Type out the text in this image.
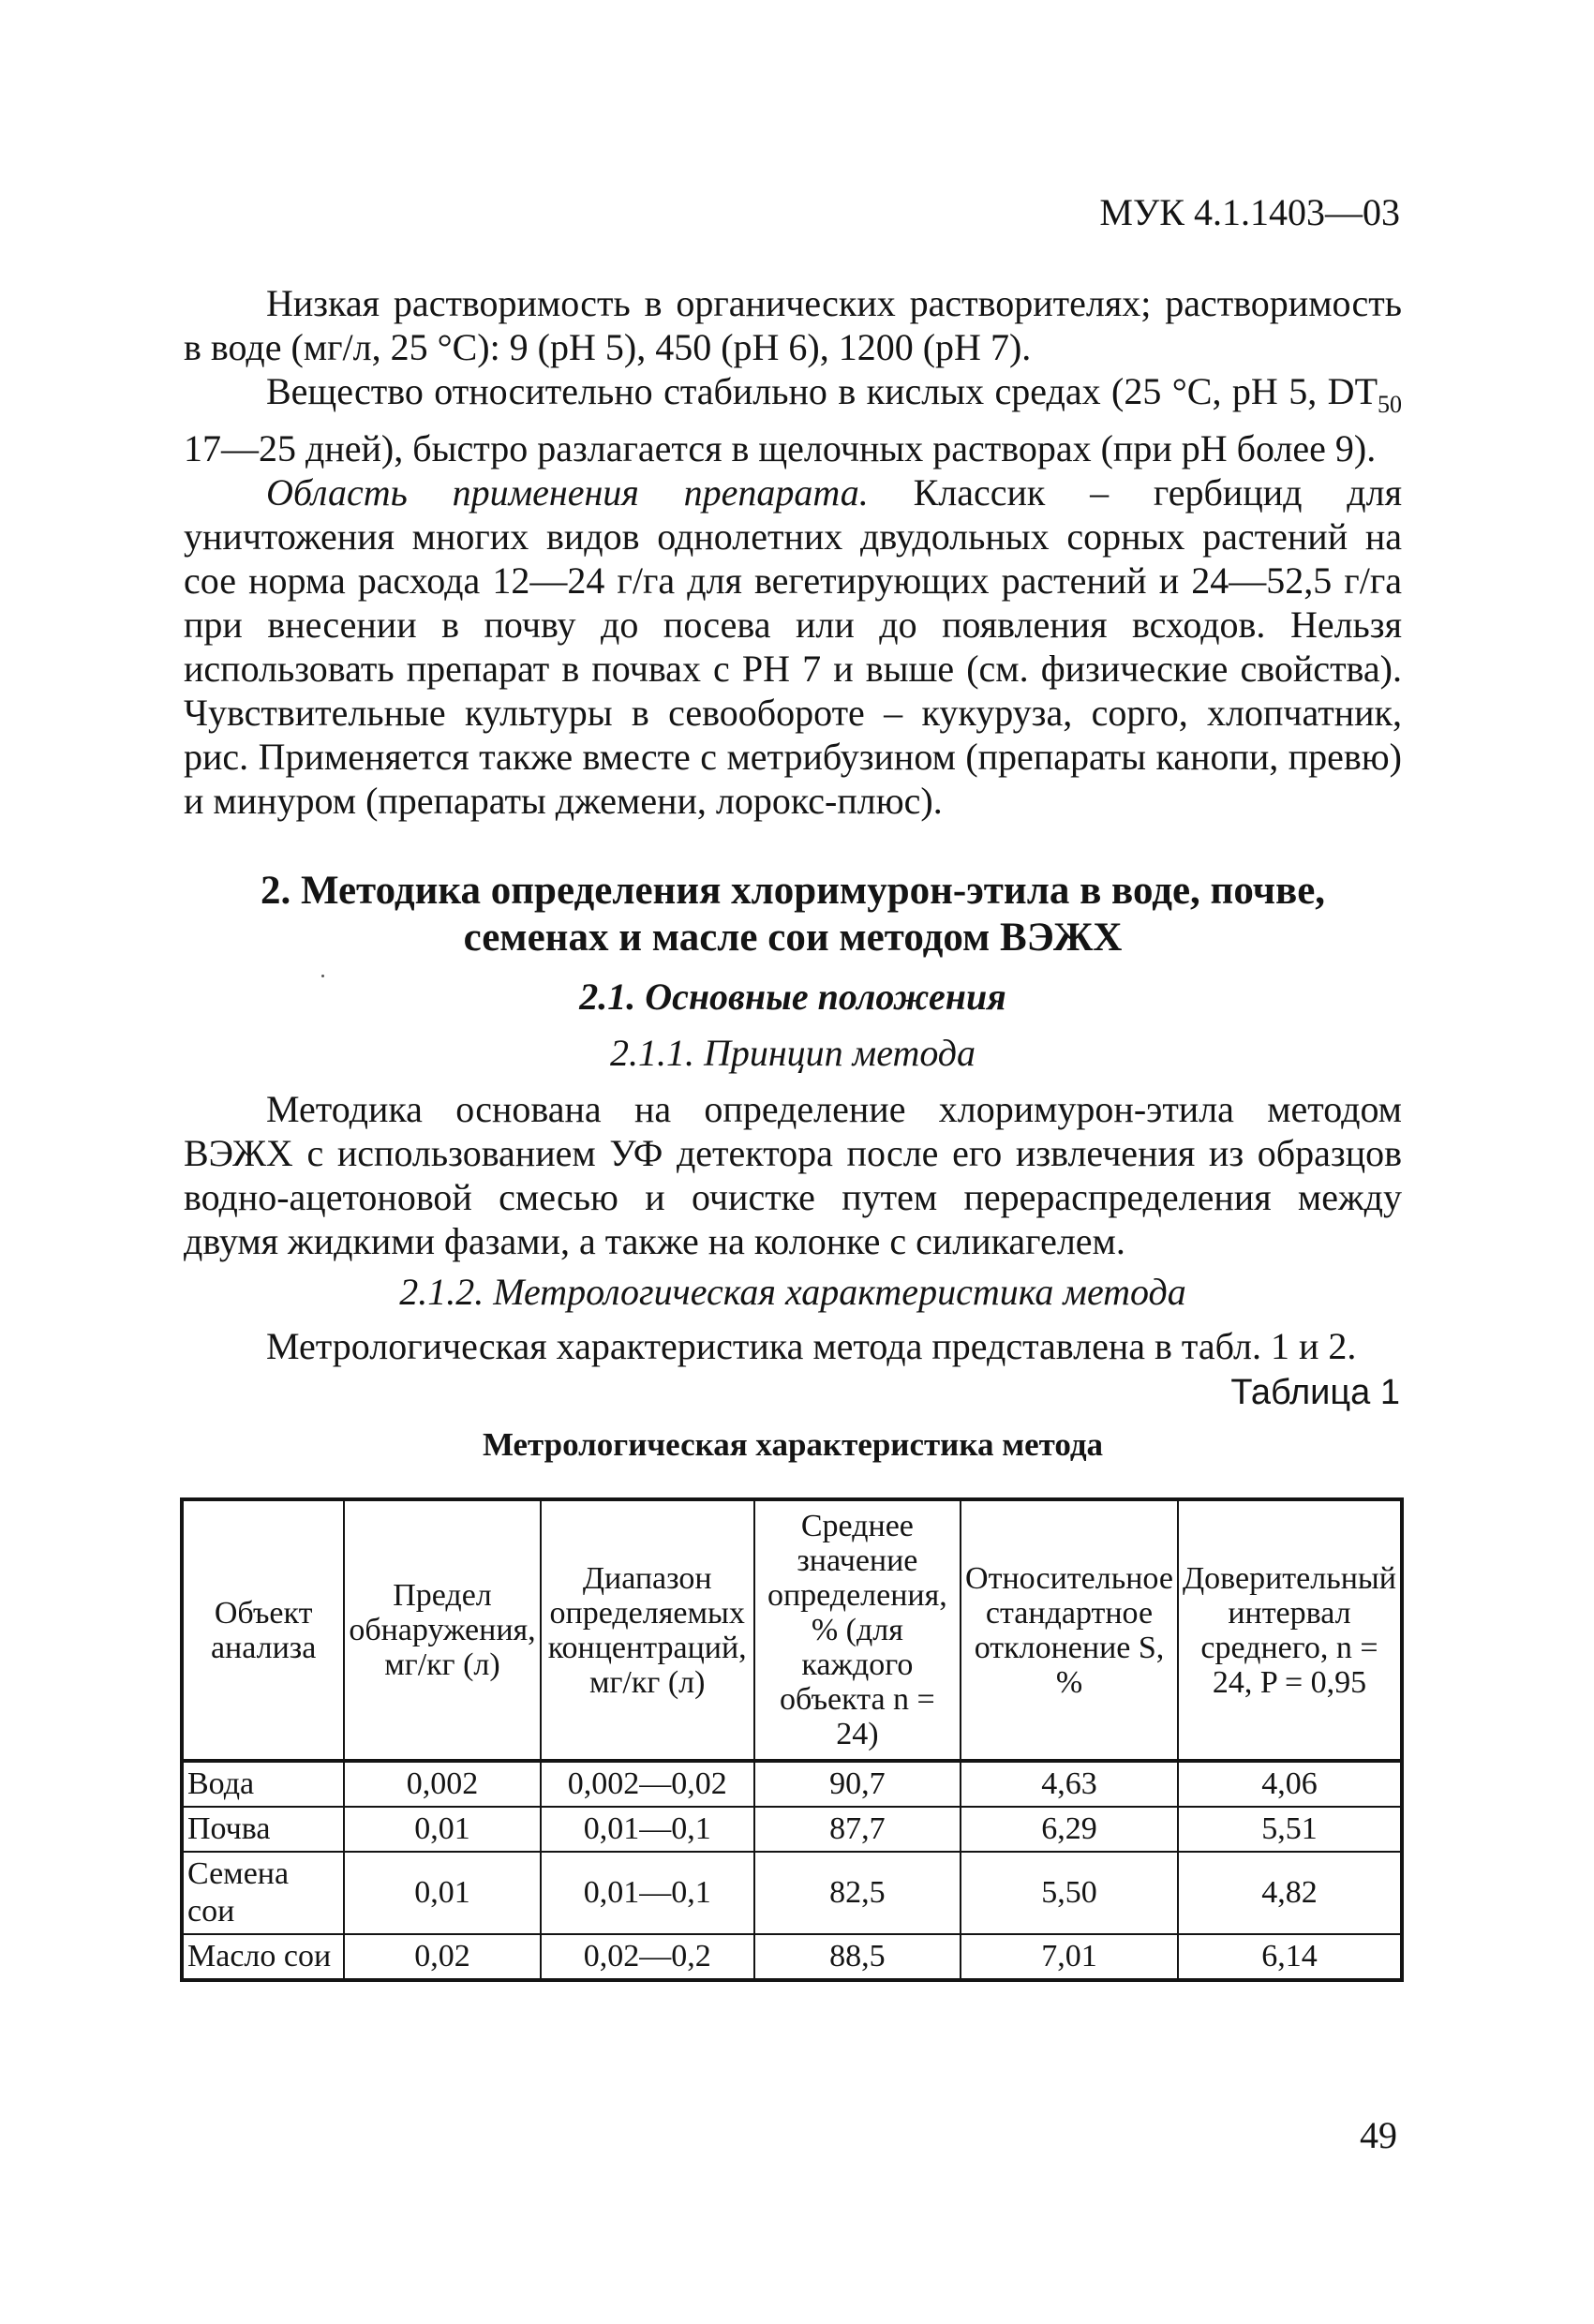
МУК 4.1.1403—03

Низкая растворимость в органических растворителях; растворимость в воде (мг/л, 25 °С): 9 (рН 5), 450 (рН 6), 1200 (рН 7).

Вещество относительно стабильно в кислых средах (25 °С, рН 5, $DT_{50}$ 17—25 дней), быстро разлагается в щелочных растворах (при рН более 9).

Область применения препарата. Классик – гербицид для уничтожения многих видов однолетних двудольных сорных растений на сое норма расхода 12—24 г/га для вегетирующих растений и 24—52,5 г/га при внесении в почву до посева или до появления всходов. Нельзя использовать препарат в почвах с РН 7 и выше (см. физические свойства). Чувствительные культуры в севообороте – кукуруза, сорго, хлопчатник, рис. Применяется также вместе с метрибузином (препараты канопи, превю) и минуром (препараты джемени, лорокс-плюс).

2. Методика определения хлоримурон-этила в воде, почве,
семенах и масле сои методом ВЭЖХ
2.1. Основные положения
2.1.1. Принцип метода

Методика основана на определение хлоримурон-этила методом ВЭЖХ с использованием УФ детектора после его извлечения из образцов водно-ацетоновой смесью и очистке путем перераспределения между двумя жидкими фазами, а также на колонке с силикагелем.

2.1.2. Метрологическая характеристика метода

Метрологическая характеристика метода представлена в табл. 1 и 2.

Таблица 1
Метрологическая характеристика метода
Объект анализа	Предел обнаружения, мг/кг (л)	Диапазон определяемых концентраций, мг/кг (л)	Среднее значение определения, % (для каждого объекта n = 24)	Относительное стандартное отклонение S, %	Доверительный интервал среднего, n = 24, P = 0,95
Вода	0,002	0,002—0,02	90,7	4,63	4,06
Почва	0,01	0,01—0,1	87,7	6,29	5,51
Семена сои	0,01	0,01—0,1	82,5	5,50	4,82
Масло сои	0,02	0,02—0,2	88,5	7,01	6,14
49
